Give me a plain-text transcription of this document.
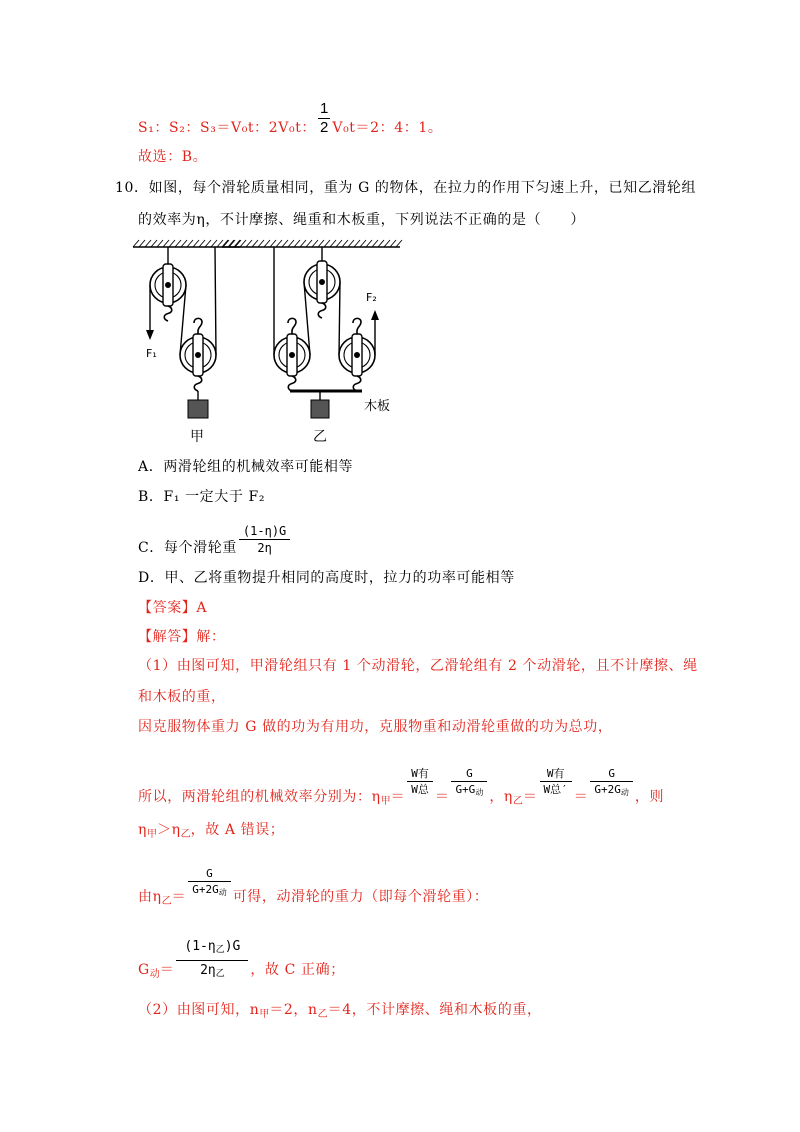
S₁：S₂：S₃＝V₀t：2V₀t： $\frac{1}{2} V_0t=2$：4：1。
故选：B。
10．如图，每个滑轮质量相同，重为 G 的物体，在拉力的作用下匀速上升，已知乙滑轮组
的效率为η，不计摩擦、绳重和木板重，下列说法不正确的是（　　）
F₁
F₂
甲	乙
木板
A．两滑轮组的机械效率可能相等
B．F₁ 一定大于 F₂
C．每个滑轮重 $\frac{(1-\eta)G}{2\eta}$
D．甲、乙将重物提升相同的高度时，拉力的功率可能相等
【答案】A
【解答】解：
（1）由图可知，甲滑轮组只有 1 个动滑轮，乙滑轮组有 2 个动滑轮，且不计摩擦、绳
和木板的重，
因克服物体重力 G 做的功为有用功，克服物重和动滑轮重做的功为总功，
所以，两滑轮组的机械效率分别为：$\eta_甲= \frac{\text{W有}}{\text{W总}} = \frac{G}{\text{G+G动}}$ ，$\eta_乙= \frac{\text{W有}}{\text{W总′}} = \frac{G}{\text{G+2G动}}$ ，则
$\eta_甲>\eta_乙$，故 A 错误；
由$\eta_乙= \frac{G}{\text{G+2G动}}$ 可得，动滑轮的重力（即每个滑轮重）：
$G_动= \frac{\text{(1-η乙)G}}{\text{2η乙}}$ ，故 C 正确；
（2）由图可知，$n_甲=2$，$n_乙=4$，不计摩擦、绳和木板的重，
